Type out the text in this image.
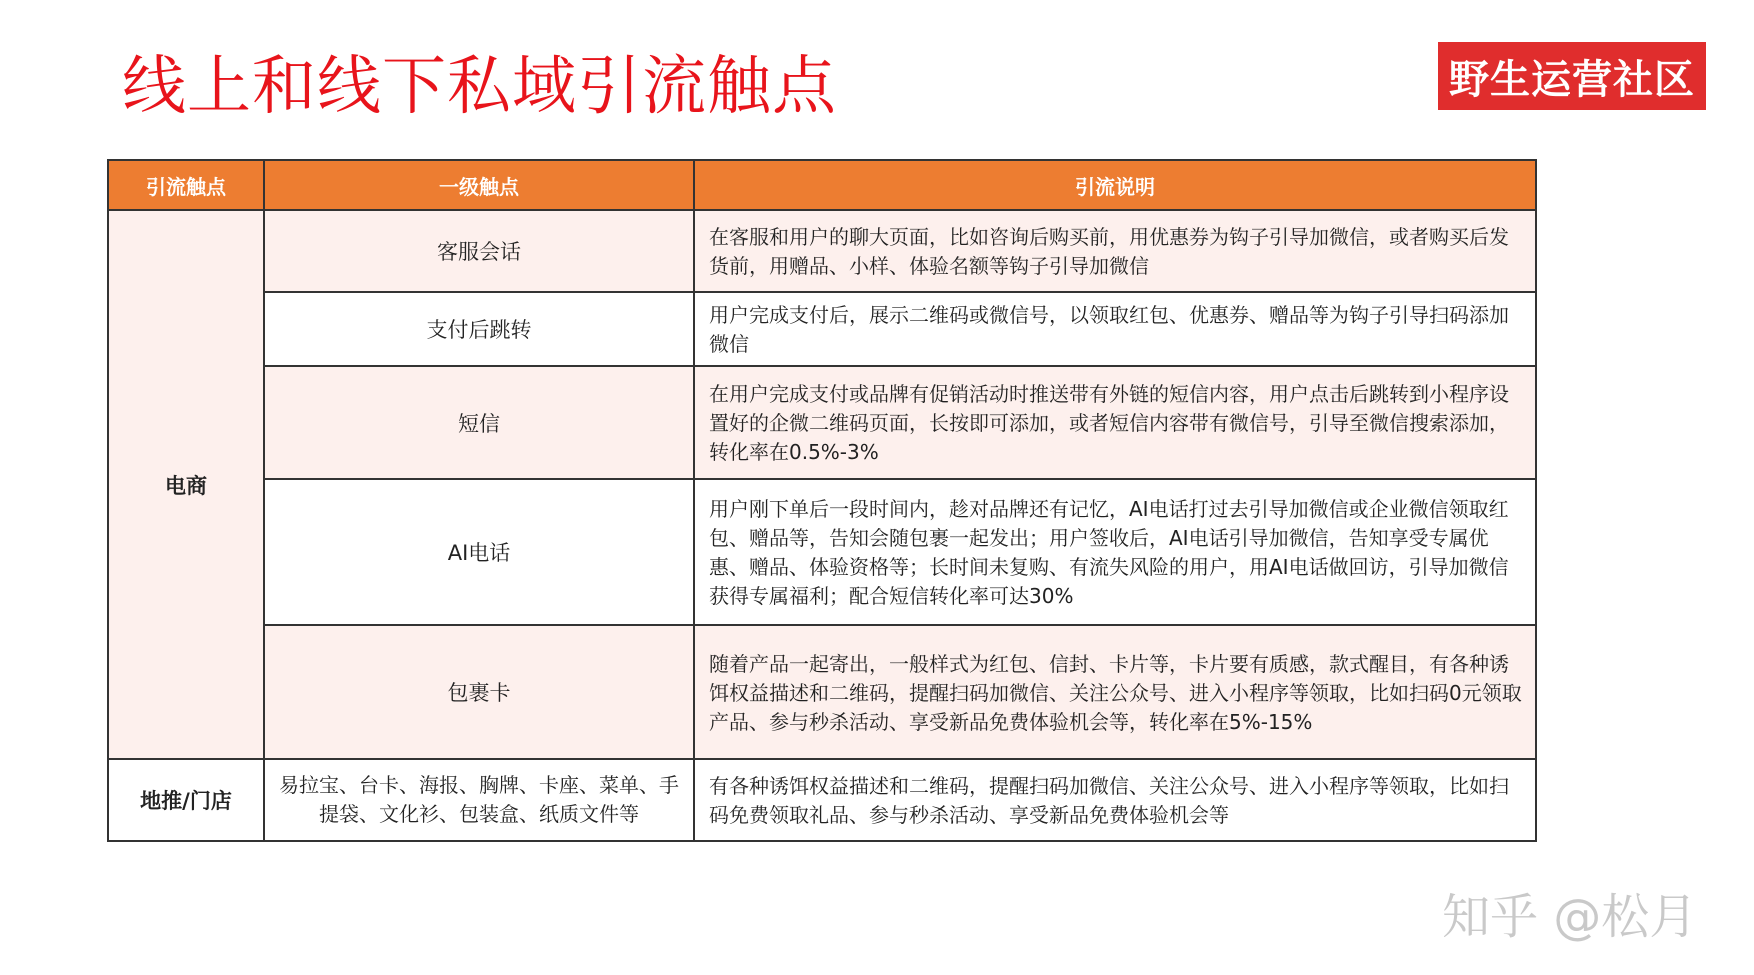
线上和线下私域引流触点	野生运营社区
引流触点	一级触点	引流说明
电商	客服会话	在客服和用户的聊大页面，比如咨询后购买前，用优惠券为钩子引导加微信，或者购买后发货前，用赠品、小样、体验名额等钩子引导加微信
	支付后跳转	用户完成支付后，展示二维码或微信号，以领取红包、优惠券、赠品等为钩子引导扫码添加微信
	短信	在用户完成支付或品牌有促销活动时推送带有外链的短信内容，用户点击后跳转到小程序设置好的企微二维码页面，长按即可添加，或者短信内容带有微信号，引导至微信搜索添加，转化率在0.5%-3%
	AI电话	用户刚下单后一段时间内，趁对品牌还有记忆，AI电话打过去引导加微信或企业微信领取红包、赠品等，告知会随包裹一起发出；用户签收后，AI电话引导加微信，告知享受专属优惠、赠品、体验资格等；长时间未复购、有流失风险的用户，用AI电话做回访，引导加微信获得专属福利；配合短信转化率可达30%
	包裹卡	随着产品一起寄出，一般样式为红包、信封、卡片等，卡片要有质感，款式醒目，有各种诱饵权益描述和二维码，提醒扫码加微信、关注公众号、进入小程序等领取，比如扫码0元领取产品、参与秒杀活动、享受新品免费体验机会等，转化率在5%-15%
地推/门店	易拉宝、台卡、海报、胸牌、卡座、菜单、手提袋、文化衫、包装盒、纸质文件等	有各种诱饵权益描述和二维码，提醒扫码加微信、关注公众号、进入小程序等领取，比如扫码免费领取礼品、参与秒杀活动、享受新品免费体验机会等
知乎 @松月
